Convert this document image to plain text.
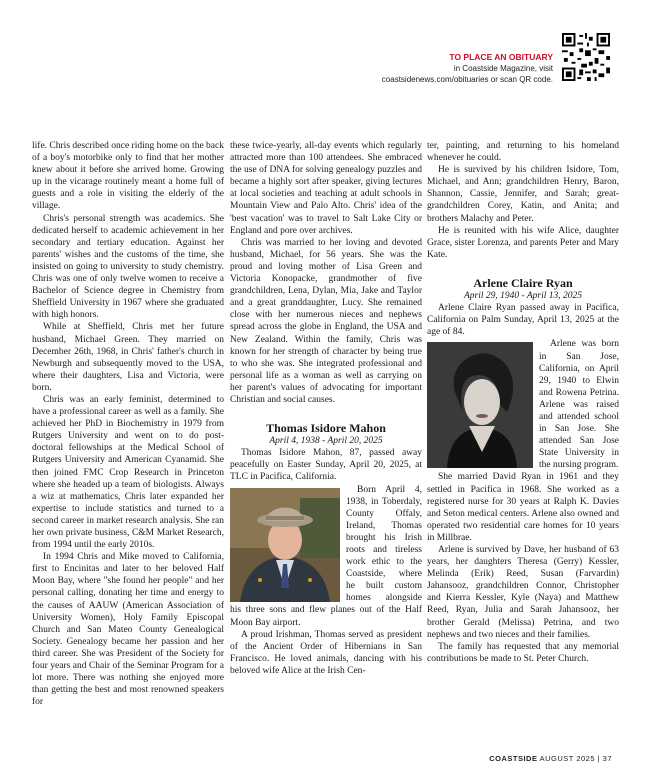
TO PLACE AN OBITUARY
in Coastside Magazine, visit
coastsidenews.com/obituaries or scan QR code.

life. Chris described once riding home on the back of a boy's motorbike only to find that her mother knew about it before she arrived home. Growing up in the vicarage routinely meant a home full of guests and a role in visiting the elderly of the village.

Chris's personal strength was academics. She dedicated herself to academic achievement in her secondary and tertiary education. Against her parents' wishes and the customs of the time, she insisted on going to university to study chemistry. Chris was one of only twelve women to receive a Bachelor of Science degree in Chemistry from Sheffield University in 1967 where she graduated with high honors.

While at Sheffield, Chris met her future husband, Michael Green. They married on December 26th, 1968, in Chris' father's church in Newburgh and subsequently moved to the USA, where their daughters, Lisa and Victoria, were born.

Chris was an early feminist, determined to have a professional career as well as a family. She achieved her PhD in Biochemistry in 1979 from Rutgers University and went on to do post-doctoral fellowships at the Medical School of Rutgers University and American Cyanamid. She then joined FMC Crop Research in Princeton where she headed up a team of biologists. Always a wiz at mathematics, Chris later expanded her expertise to include statistics and turned to a second career in market research analysis. She ran her own private business, C&M Market Research, from 1994 until the early 2010s.

In 1994 Chris and Mike moved to California, first to Encinitas and later to her beloved Half Moon Bay, where "she found her people" and her personal calling, donating her time and energy to the causes of AAUW (American Association of University Women), Holy Family Episcopal Church and San Mateo County Genealogical Society. Genealogy became her passion and her third career. She was President of the Society for four years and Chair of the Seminar Program for a lot more. There was nothing she enjoyed more than getting the best and most renowned speakers for

these twice-yearly, all-day events which regularly attracted more than 100 attendees. She embraced the use of DNA for solving genealogy puzzles and became a highly sort after speaker, giving lectures at local societies and teaching at adult schools in Mountain View and Palo Alto. Chris' idea of the 'best vacation' was to travel to Salt Lake City or England and pore over archives.

Chris was married to her loving and devoted husband, Michael, for 56 years. She was the proud and loving mother of Lisa Green and Victoria Konopacke, grandmother of five grandchildren, Lena, Dylan, Mia, Jake and Taylor and a great granddaughter, Lucy. She remained close with her numerous nieces and nephews spread across the globe in England, the USA and New Zealand. Within the family, Chris was known for her strength of character by being true to who she was. She integrated professional and personal life as a woman as well as carrying on her parent's values of advocating for important Christian and social causes.

Thomas Isidore Mahon
April 4, 1938 - April 20, 2025

Thomas Isidore Mahon, 87, passed away peacefully on Easter Sunday, April 20, 2025, at TLC in Pacifica, California.

Born April 4, 1938, in Toberdaly, County Offaly, Ireland, Thomas brought his Irish roots and tireless work ethic to the Coastside, where he built custom homes alongside his three sons and flew planes out of the Half Moon Bay airport.

A proud Irishman, Thomas served as president of the Ancient Order of Hibernians in San Francisco. He loved animals, dancing with his beloved wife Alice at the Irish Cen-

ter, painting, and returning to his homeland whenever he could.

He is survived by his children Isidore, Tom, Michael, and Ann; grandchildren Henry, Baron, Shannon, Cassie, Jennifer, and Sarah; great-grandchildren Corey, Katin, and Anita; and brothers Malachy and Peter.

He is reunited with his wife Alice, daughter Grace, sister Lorenza, and parents Peter and Mary Kate.

Arlene Claire Ryan
April 29, 1940 - April 13, 2025

Arlene Claire Ryan passed away in Pacifica, California on Palm Sunday, April 13, 2025 at the age of 84.

Arlene was born in San Jose, California, on April 29, 1940 to Elwin and Rowena Petrina. Arlene was raised and attended school in San Jose. She attended San Jose State University in the nursing program.

She married David Ryan in 1961 and they settled in Pacifica in 1968. She worked as a registered nurse for 30 years at Ralph K. Davies and Seton medical centers. Arlene also owned and operated two residential care homes for 10 years in Millbrae.

Arlene is survived by Dave, her husband of 63 years, her daughters Theresa (Gerry) Kessler, Melinda (Erik) Reed, Susan (Farvardin) Jahansooz, grandchildren Connor, Christopher and Kierra Kessler, Kyle (Naya) and Matthew Reed, Ryan, Julia and Sarah Jahansooz, her brother Gerald (Melissa) Petrina, and two nephews and two nieces and their families.

The family has requested that any memorial contributions be made to St. Peter Church.

COASTSIDE AUGUST 2025 | 37
